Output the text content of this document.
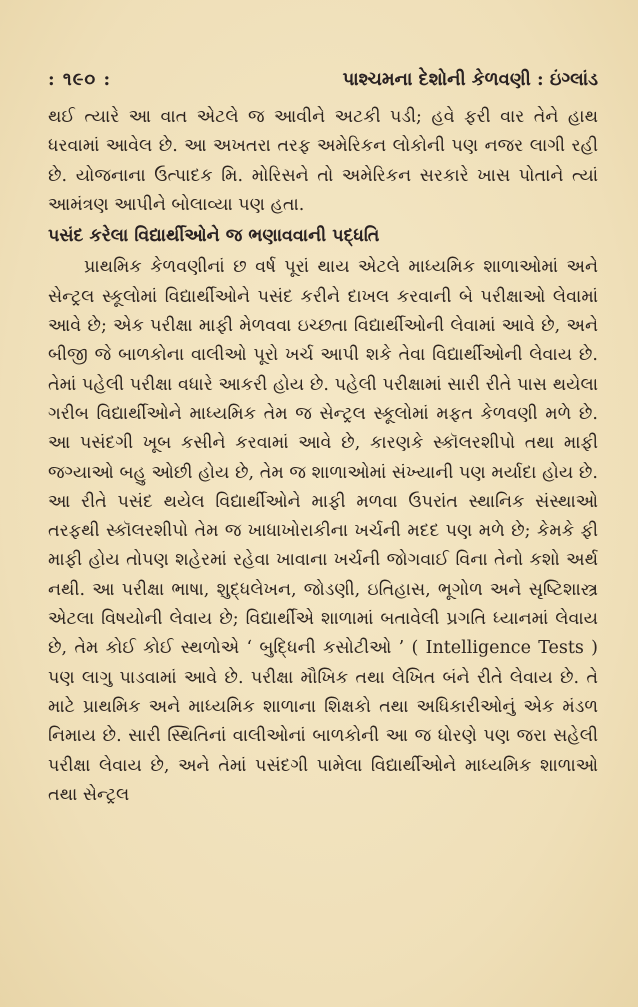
: ૧૯૦ :	પાશ્ચમના દેશોની કેળવણી : ઇંગ્લાંડ

થઈ ત્યારે આ વાત એટલે જ આવીને અટકી પડી; હવે ફરી વાર તેને હાથ ધરવામાં આવેલ છે. આ અખતરા તરફ અમેરિકન લોકોની પણ નજર લાગી રહી છે. યોજનાના ઉત્પાદક મિ. મોરિસને તો અમેરિકન સરકારે ખાસ પોતાને ત્યાં આમંત્રણ આપીને બોલાવ્યા પણ હતા.

પસંદ કરેલા વિદ્યાર્થીઓને જ ભણાવવાની પદ્ધતિ

પ્રાથમિક કેળવણીનાં છ વર્ષ પૂરાં થાય એટલે માધ્યમિક શાળાઓમાં અને સેન્ટ્રલ સ્કૂલોમાં વિદ્યાર્થીઓને પસંદ કરીને દાખલ કરવાની બે પરીક્ષાઓ લેવામાં આવે છે; એક પરીક્ષા માફી મેળવવા ઇચ્છતા વિદ્યાર્થીઓની લેવામાં આવે છે, અને બીજી જે બાળકોના વાલીઓ પૂરો ખર્ચ આપી શકે તેવા વિદ્યાર્થીઓની લેવાય છે. તેમાં પહેલી પરીક્ષા વધારે આકરી હોય છે. પહેલી પરીક્ષામાં સારી રીતે પાસ થયેલા ગરીબ વિદ્યાર્થીઓને માધ્યમિક તેમ જ સેન્ટ્રલ સ્કૂલોમાં મફત કેળવણી મળે છે. આ પસંદગી ખૂબ કસીને કરવામાં આવે છે, કારણકે સ્કૉલરશીપો તથા માફી જગ્યાઓ બહુ ઓછી હોય છે, તેમ જ શાળાઓમાં સંખ્યાની પણ મર્યાદા હોય છે. આ રીતે પસંદ થયેલ વિદ્યાર્થીઓને માફી મળવા ઉપરાંત સ્થાનિક સંસ્થાઓ તરફથી સ્કૉલરશીપો તેમ જ ખાધાખોરાકીના ખર્ચની મદદ પણ મળે છે; કેમકે ફી માફી હોય તોપણ શહેરમાં રહેવા ખાવાના ખર્ચની જોગવાઈ વિના તેનો કશો અર્થ નથી. આ પરીક્ષા ભાષા, શુદ્ધલેખન, જોડણી, ઇતિહાસ, ભૂગોળ અને સૃષ્ટિશાસ્ત્ર એટલા વિષયોની લેવાય છે; વિદ્યાર્થીએ શાળામાં બતાવેલી પ્રગતિ ધ્યાનમાં લેવાય છે, તેમ કોઈ કોઈ સ્થળોએ ‘ બુદ્ધિની કસોટીઓ ’ ( Intelligence Tests ) પણ લાગુ પાડવામાં આવે છે. પરીક્ષા મૌખિક તથા લેખિત બંને રીતે લેવાય છે. તે માટે પ્રાથમિક અને માધ્યમિક શાળાના શિક્ષકો તથા અધિકારીઓનું એક મંડળ નિમાય છે. સારી સ્થિતિનાં વાલીઓનાં બાળકોની આ જ ધોરણે પણ જરા સહેલી પરીક્ષા લેવાય છે, અને તેમાં પસંદગી પામેલા વિદ્યાર્થીઓને માધ્યમિક શાળાઓ તથા સેન્ટ્રલ
